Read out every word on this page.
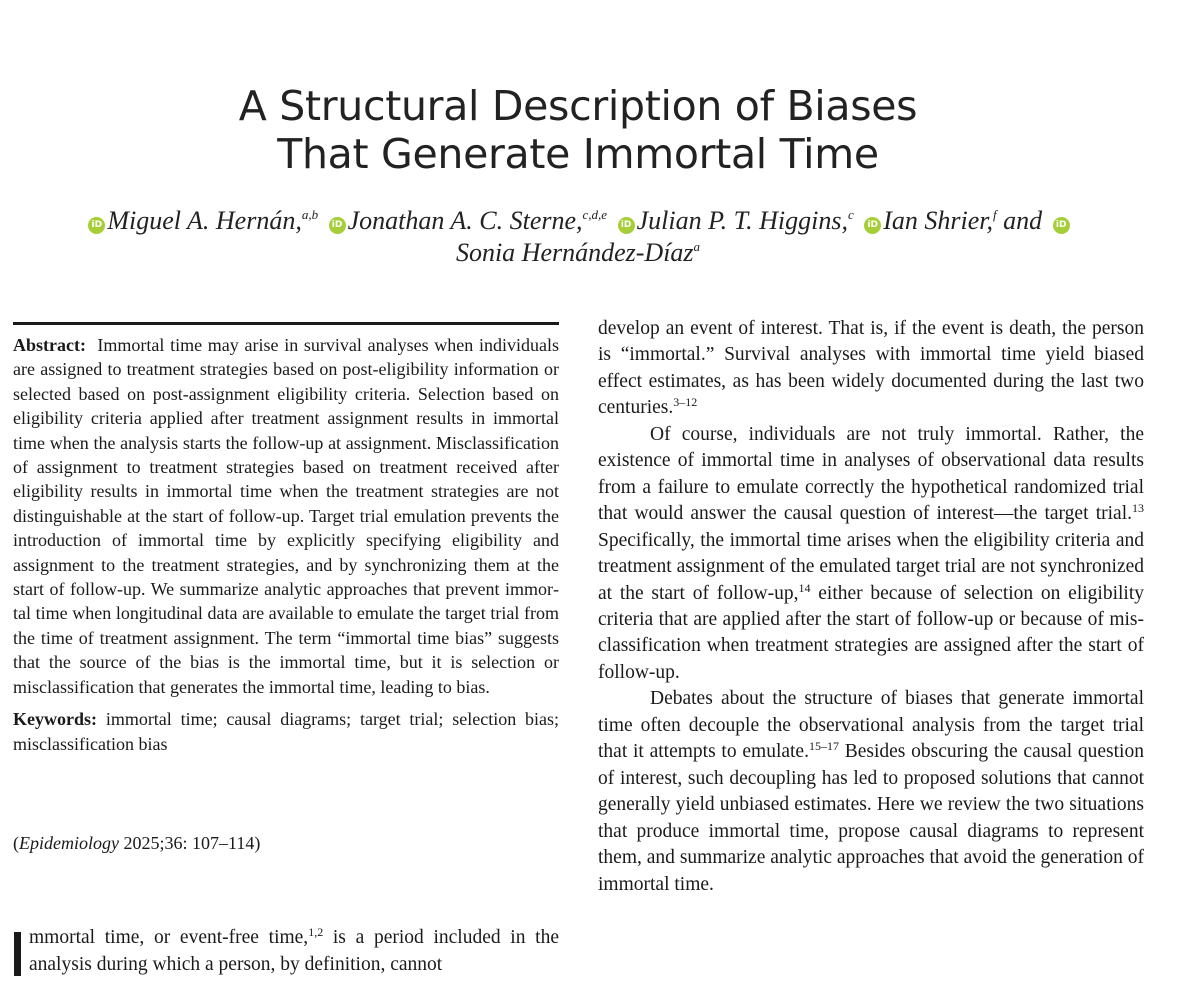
A Structural Description of Biases
That Generate Immortal Time
iD Miguel A. Hernán,$^{a,b}$ iD Jonathan A. C. Sterne,$^{c,d,e}$ iD Julian P. T. Higgins,$^c$ iD Ian Shrier,$^f$ and iD
Sonia Hernández-Díaz$^a$
Abstract: Immortal time may arise in survival analyses when individuals are assigned to treatment strategies based on post-eligibility information or selected based on post-assignment eligibility criteria. Selection based on eligibility criteria applied after treatment assignment results in immortal time when the analysis starts the follow-up at assignment. Misclassification of assignment to treatment strategies based on treatment received after eligibility results in immortal time when the treatment strategies are not distinguishable at the start of follow-up. Target trial emulation prevents the introduction of immortal time by explicitly specifying eligibility and assignment to the treatment strategies, and by synchronizing them at the start of follow-up. We summarize analytic approaches that prevent immortal time when longitudinal data are available to emulate the target trial from the time of treatment assignment. The term “immortal time bias” suggests that the source of the bias is the immortal time, but it is selection or misclassification that generates the immortal time, leading to bias.
Keywords: immortal time; causal diagrams; target trial; selection bias; misclassification bias
(Epidemiology 2025;36: 107–114)
mmortal time, or event-free time,$^{1,2}$ is a period included in the analysis during which a person, by definition, cannot

develop an event of interest. That is, if the event is death, the person is “immortal.” Survival analyses with immortal time yield biased effect estimates, as has been widely documented during the last two centuries.$^{3-12}$

Of course, individuals are not truly immortal. Rather, the existence of immortal time in analyses of observational data results from a failure to emulate correctly the hypothetical randomized trial that would answer the causal question of interest—the target trial.$^{13}$ Specifically, the immortal time arises when the eligibility criteria and treatment assignment of the emulated target trial are not synchronized at the start of follow-up,$^{14}$ either because of selection on eligibility criteria that are applied after the start of follow-up or because of misclassification when treatment strategies are assigned after the start of follow-up.

Debates about the structure of biases that generate immortal time often decouple the observational analysis from the target trial that it attempts to emulate.$^{15-17}$ Besides obscuring the causal question of interest, such decoupling has led to proposed solutions that cannot generally yield unbiased estimates. Here we review the two situations that produce immortal time, propose causal diagrams to represent them, and summarize analytic approaches that avoid the generation of immortal time.
